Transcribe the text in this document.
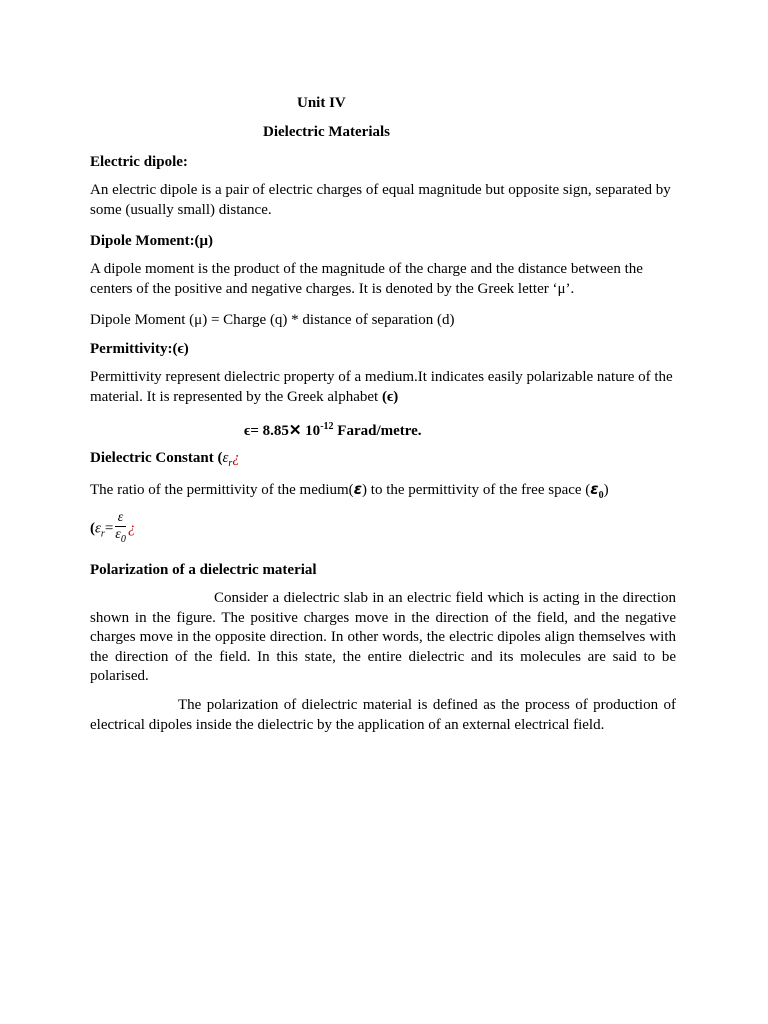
Unit IV
Dielectric Materials
Electric dipole:
An electric dipole is a pair of electric charges of equal magnitude but opposite sign, separated by some (usually small) distance.
Dipole Moment:(μ)
A dipole moment is the product of the magnitude of the charge and the distance between the centers of the positive and negative charges. It is denoted by the Greek letter ‘μ’.
Dipole Moment (μ) = Charge (q) * distance of separation (d)
Permittivity:(ϵ)
Permittivity represent dielectric property of a medium.It indicates easily polarizable nature of the material. It is represented by the Greek alphabet (ϵ)
ϵ= 8.85✕ $10^{-12}$ Farad/metre.
Dielectric Constant ($\varepsilon_r¿$
The ratio of the permittivity of the medium(ε) to the permittivity of the free space $(\varepsilon_0)$
($\varepsilon_r= \frac{\varepsilon}{\varepsilon_0}$ ¿
Polarization of a dielectric material
Consider a dielectric slab in an electric field which is acting in the direction shown in the figure. The positive charges move in the direction of the field, and the negative charges move in the opposite direction. In other words, the electric dipoles align themselves with the direction of the field. In this state, the entire dielectric and its molecules are said to be polarised.
The polarization of dielectric material is defined as the process of production of electrical dipoles inside the dielectric by the application of an external electrical field.
